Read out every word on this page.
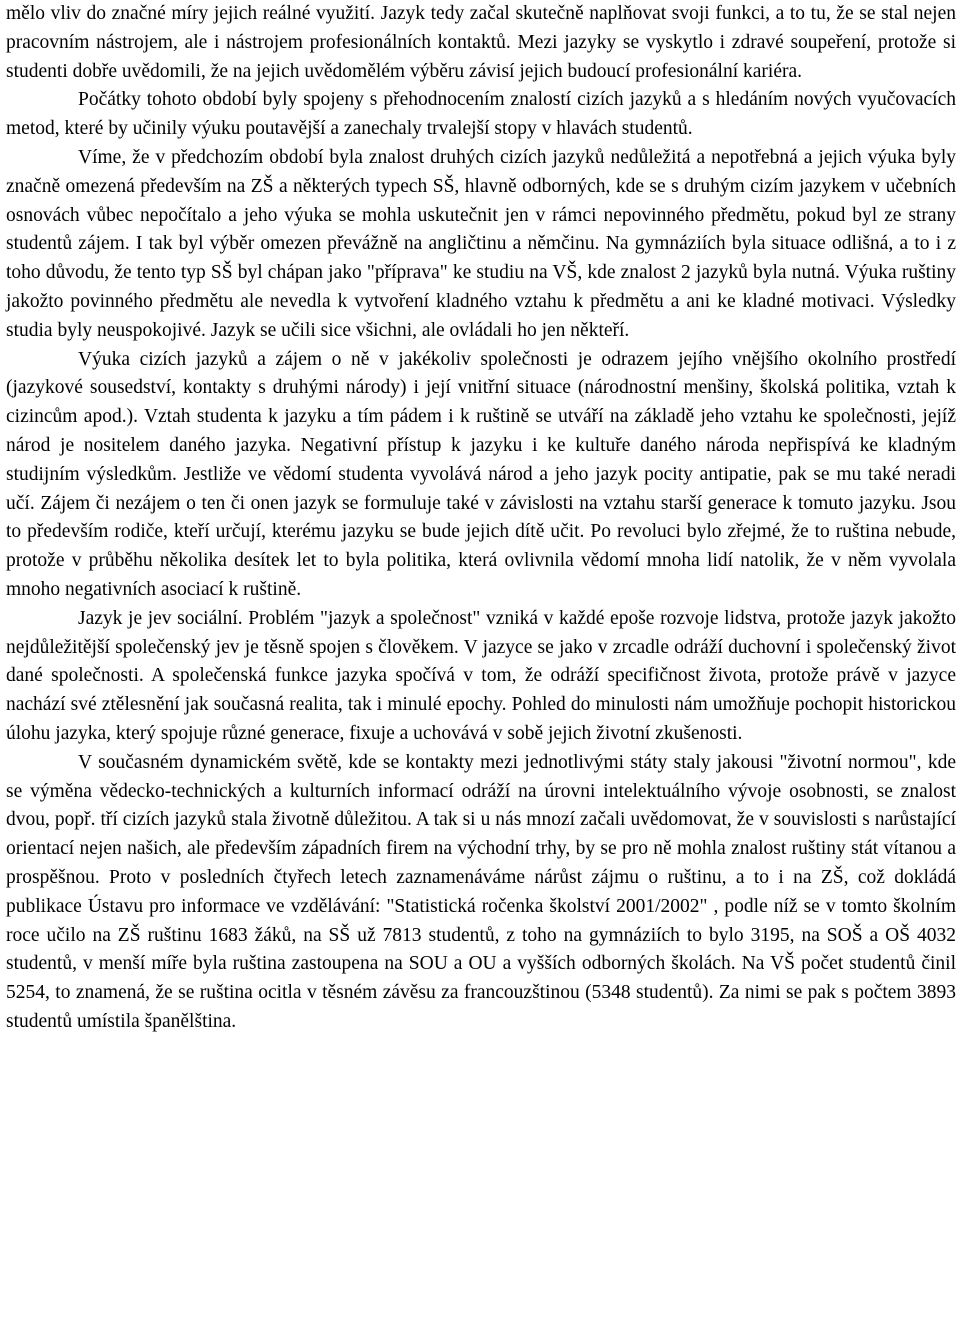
mělo vliv do značné míry jejich reálné využití. Jazyk tedy začal skutečně naplňovat svoji funkci, a to tu, že se stal nejen pracovním nástrojem, ale i nástrojem profesionálních kontaktů. Mezi jazyky se vyskytlo i zdravé soupeření, protože si studenti dobře uvědomili, že na jejich uvědomělém výběru závisí jejich budoucí profesionální kariéra.

Počátky tohoto období byly spojeny s přehodnocením znalostí cizích jazyků a s hledáním nových vyučovacích metod, které by učinily výuku poutavější a zanechaly trvalejší stopy v hlavách studentů.

Víme, že v předchozím období byla znalost druhých cizích jazyků nedůležitá a nepotřebná a jejich výuka byly značně omezená především na ZŠ a některých typech SŠ, hlavně odborných, kde se s druhým cizím jazykem v učebních osnovách vůbec nepočítalo a jeho výuka se mohla uskutečnit jen v rámci nepovinného předmětu, pokud byl ze strany studentů zájem. I tak byl výběr omezen převážně na angličtinu a němčinu. Na gymnáziích byla situace odlišná, a to i z toho důvodu, že tento typ SŠ byl chápan jako "příprava" ke studiu na VŠ, kde znalost 2 jazyků byla nutná. Výuka ruštiny jakožto povinného předmětu ale nevedla k vytvoření kladného vztahu k předmětu a ani ke kladné motivaci. Výsledky studia byly neuspokojivé. Jazyk se učili sice všichni, ale ovládali ho jen někteří.

Výuka cizích jazyků a zájem o ně v jakékoliv společnosti je odrazem jejího vnějšího okolního prostředí (jazykové sousedství, kontakty s druhými národy) i její vnitřní situace (národnostní menšiny, školská politika, vztah k cizincům apod.). Vztah studenta k jazyku a tím pádem i k ruštině se utváří na základě jeho vztahu ke společnosti, jejíž národ je nositelem daného jazyka. Negativní přístup k jazyku i ke kultuře daného národa nepřispívá ke kladným studijním výsledkům. Jestliže ve vědomí studenta vyvolává národ a jeho jazyk pocity antipatie, pak se mu také neradi učí. Zájem či nezájem o ten či onen jazyk se formuluje také v závislosti na vztahu starší generace k tomuto jazyku. Jsou to především rodiče, kteří určují, kterému jazyku se bude jejich dítě učit. Po revoluci bylo zřejmé, že to ruština nebude, protože v průběhu několika desítek let to byla politika, která ovlivnila vědomí mnoha lidí natolik, že v něm vyvolala mnoho negativních asociací k ruštině.

Jazyk je jev sociální. Problém "jazyk a společnost" vzniká v každé epoše rozvoje lidstva, protože jazyk jakožto nejdůležitější společenský jev je těsně spojen s člověkem. V jazyce se jako v zrcadle odráží duchovní i společenský život dané společnosti. A společenská funkce jazyka spočívá v tom, že odráží specifičnost života, protože právě v jazyce nachází své ztělesnění jak současná realita, tak i minulé epochy. Pohled do minulosti nám umožňuje pochopit historickou úlohu jazyka, který spojuje různé generace, fixuje a uchovává v sobě jejich životní zkušenosti.

V současném dynamickém světě, kde se kontakty mezi jednotlivými státy staly jakousi "životní normou", kde se výměna vědecko-technických a kulturních informací odráží na úrovni intelektuálního vývoje osobnosti, se znalost dvou, popř. tří cizích jazyků stala životně důležitou. A tak si u nás mnozí začali uvědomovat, že v souvislosti s narůstající orientací nejen našich, ale především západních firem na východní trhy, by se pro ně mohla znalost ruštiny stát vítanou a prospěšnou. Proto v posledních čtyřech letech zaznamenáváme nárůst zájmu o ruštinu, a to i na ZŠ, což dokládá publikace Ústavu pro informace ve vzdělávání: "Statistická ročenka školství 2001/2002" , podle níž se v tomto školním roce učilo na ZŠ ruštinu 1683 žáků, na SŠ už 7813 studentů, z toho na gymnáziích to bylo 3195, na SOŠ a OŠ 4032 studentů, v menší míře byla ruština zastoupena na SOU a OU a vyšších odborných školách. Na VŠ počet studentů činil 5254, to znamená, že se ruština ocitla v těsném závěsu za francouzštinou (5348 studentů). Za nimi se pak s počtem 3893 studentů umístila španělština.
